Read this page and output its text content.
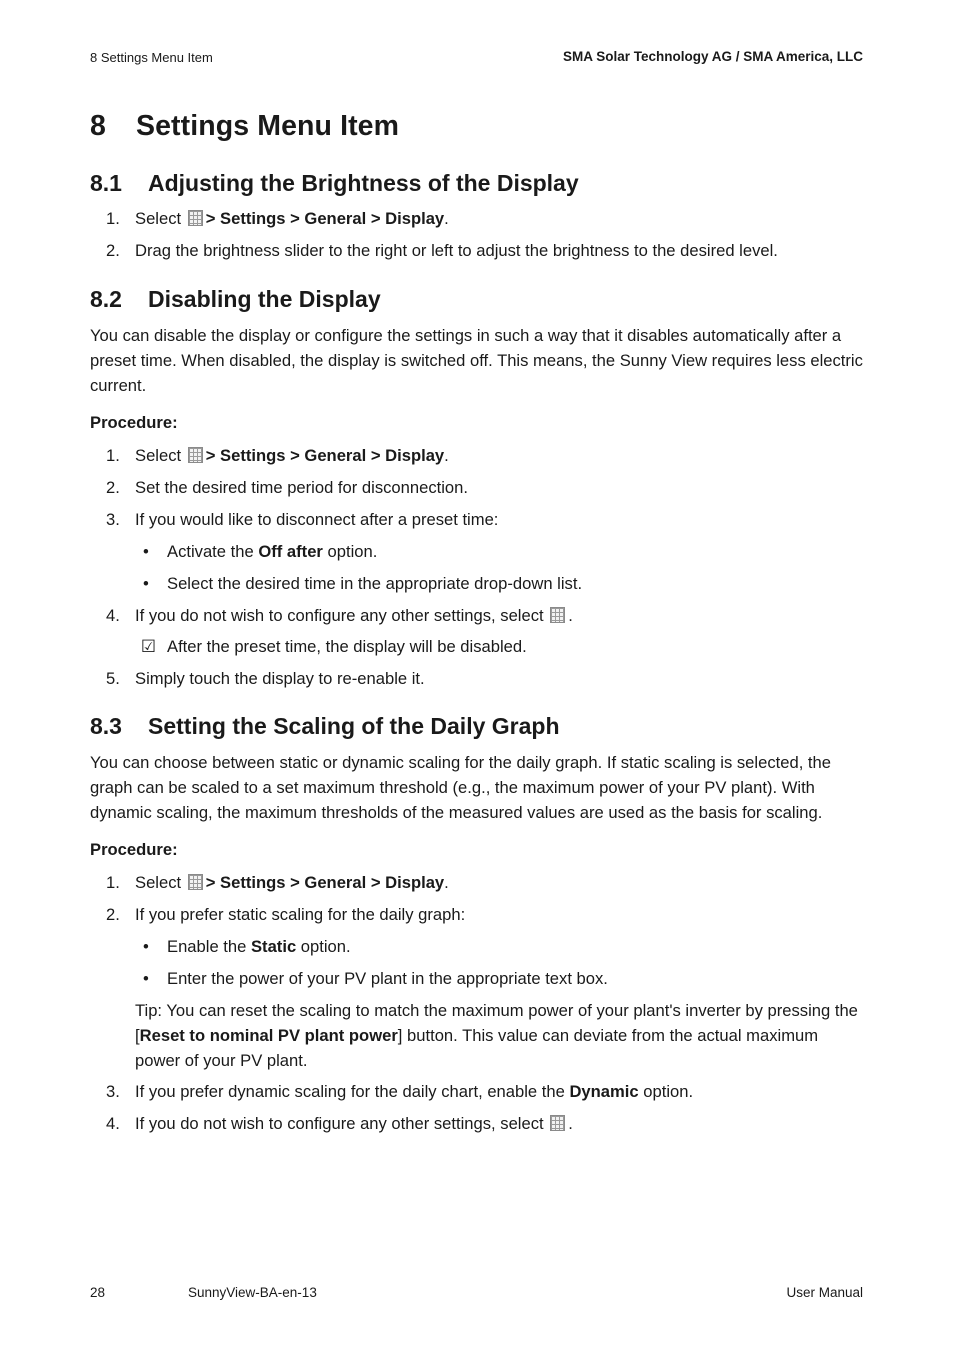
8 Settings Menu Item	SMA Solar Technology AG / SMA America, LLC
8 Settings Menu Item
8.1 Adjusting the Brightness of the Display
1. Select > Settings > General > Display.
2. Drag the brightness slider to the right or left to adjust the brightness to the desired level.
8.2 Disabling the Display

You can disable the display or configure the settings in such a way that it disables automatically after a preset time. When disabled, the display is switched off. This means, the Sunny View requires less electric current.

Procedure:
1. Select > Settings > General > Display.
2. Set the desired time period for disconnection.
3. If you would like to disconnect after a preset time:
• Activate the Off after option.
• Select the desired time in the appropriate drop-down list.
4. If you do not wish to configure any other settings, select .
☑ After the preset time, the display will be disabled.
5. Simply touch the display to re-enable it.
8.3 Setting the Scaling of the Daily Graph

You can choose between static or dynamic scaling for the daily graph. If static scaling is selected, the graph can be scaled to a set maximum threshold (e.g., the maximum power of your PV plant). With dynamic scaling, the maximum thresholds of the measured values are used as the basis for scaling.

Procedure:
1. Select > Settings > General > Display.
2. If you prefer static scaling for the daily graph:
• Enable the Static option.
• Enter the power of your PV plant in the appropriate text box.

Tip: You can reset the scaling to match the maximum power of your plant's inverter by pressing the [Reset to nominal PV plant power] button. This value can deviate from the actual maximum power of your PV plant.

3. If you prefer dynamic scaling for the daily chart, enable the Dynamic option.
4. If you do not wish to configure any other settings, select .
28	SunnyView-BA-en-13	User Manual
